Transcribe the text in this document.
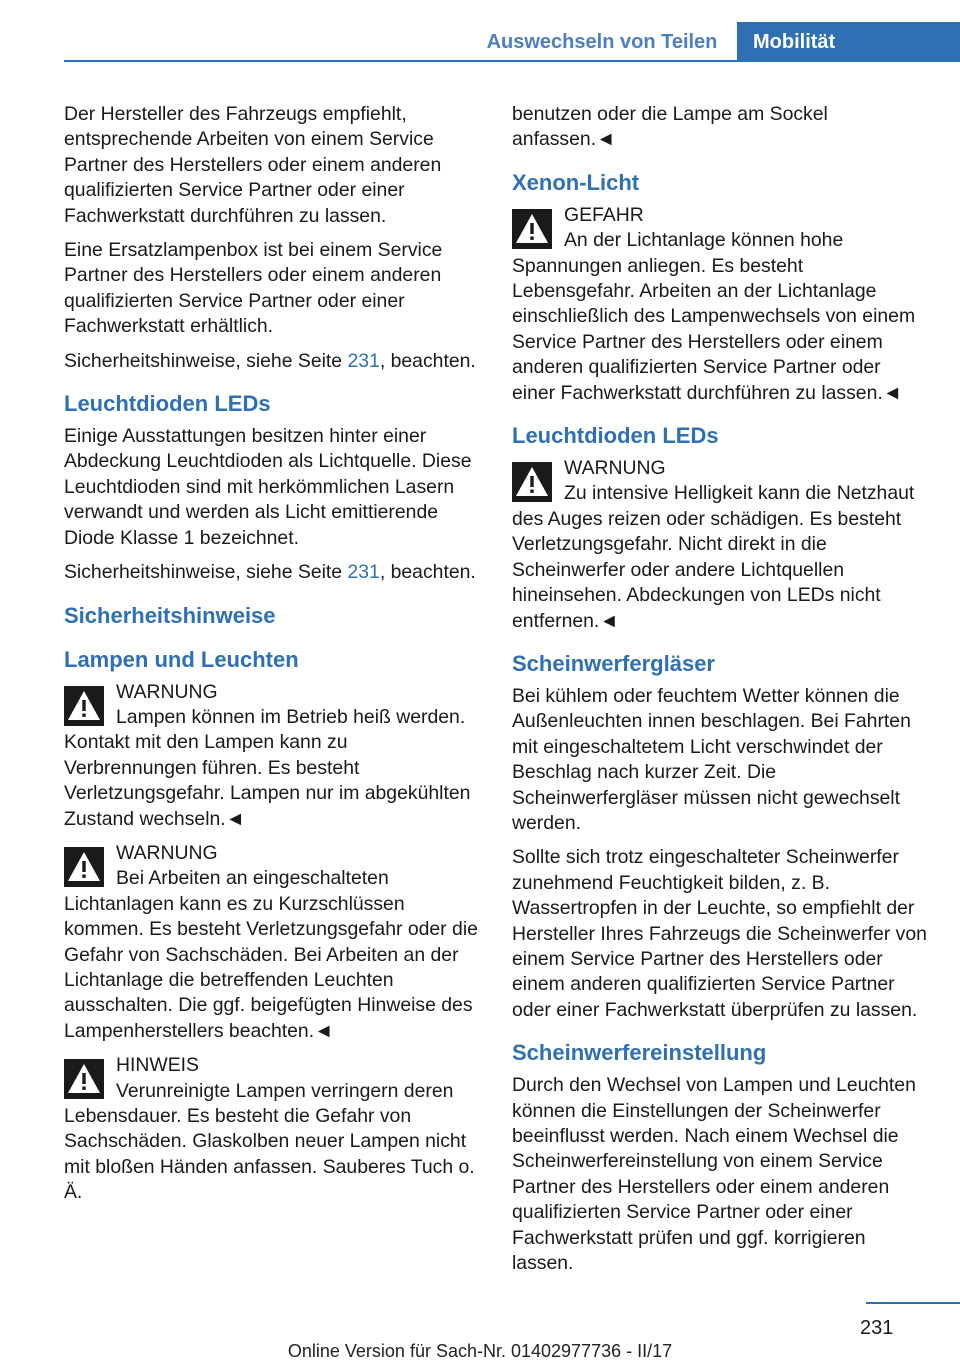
Auswechseln von Teilen	Mobilität

Der Hersteller des Fahrzeugs empfiehlt, entsprechende Arbeiten von einem Service Partner des Herstellers oder einem anderen qualifizierten Service Partner oder einer Fachwerkstatt durchführen zu lassen.

Eine Ersatzlampenbox ist bei einem Service Partner des Herstellers oder einem anderen qualifizierten Service Partner oder einer Fachwerkstatt erhältlich.

Sicherheitshinweise, siehe Seite 231, beachten.

Leuchtdioden LEDs

Einige Ausstattungen besitzen hinter einer Abdeckung Leuchtdioden als Lichtquelle. Diese Leuchtdioden sind mit herkömmlichen Lasern verwandt und werden als Licht emittierende Diode Klasse 1 bezeichnet.

Sicherheitshinweise, siehe Seite 231, beachten.

Sicherheitshinweise
Lampen und Leuchten
WARNUNG
Lampen können im Betrieb heiß werden. Kontakt mit den Lampen kann zu Verbrennungen führen. Es besteht Verletzungsgefahr. Lampen nur im abgekühlten Zustand wechseln.◄
WARNUNG
Bei Arbeiten an eingeschalteten Lichtanlagen kann es zu Kurzschlüssen kommen. Es besteht Verletzungsgefahr oder die Gefahr von Sachschäden. Bei Arbeiten an der Lichtanlage die betreffenden Leuchten ausschalten. Die ggf. beigefügten Hinweise des Lampenherstellers beachten.◄
HINWEIS
Verunreinigte Lampen verringern deren Lebensdauer. Es besteht die Gefahr von Sachschäden. Glaskolben neuer Lampen nicht mit bloßen Händen anfassen. Sauberes Tuch o. Ä.

benutzen oder die Lampe am Sockel anfassen.◄

Xenon-Licht
GEFAHR
An der Lichtanlage können hohe Spannungen anliegen. Es besteht Lebensgefahr. Arbeiten an der Lichtanlage einschließlich des Lampenwechsels von einem Service Partner des Herstellers oder einem anderen qualifizierten Service Partner oder einer Fachwerkstatt durchführen zu lassen.◄
Leuchtdioden LEDs
WARNUNG
Zu intensive Helligkeit kann die Netzhaut des Auges reizen oder schädigen. Es besteht Verletzungsgefahr. Nicht direkt in die Scheinwerfer oder andere Lichtquellen hineinsehen. Abdeckungen von LEDs nicht entfernen.◄
Scheinwerfergläser

Bei kühlem oder feuchtem Wetter können die Außenleuchten innen beschlagen. Bei Fahrten mit eingeschaltetem Licht verschwindet der Beschlag nach kurzer Zeit. Die Scheinwerfergläser müssen nicht gewechselt werden.

Sollte sich trotz eingeschalteter Scheinwerfer zunehmend Feuchtigkeit bilden, z. B. Wassertropfen in der Leuchte, so empfiehlt der Hersteller Ihres Fahrzeugs die Scheinwerfer von einem Service Partner des Herstellers oder einem anderen qualifizierten Service Partner oder einer Fachwerkstatt überprüfen zu lassen.

Scheinwerfereinstellung

Durch den Wechsel von Lampen und Leuchten können die Einstellungen der Scheinwerfer beeinflusst werden. Nach einem Wechsel die Scheinwerfereinstellung von einem Service Partner des Herstellers oder einem anderen qualifizierten Service Partner oder einer Fachwerkstatt prüfen und ggf. korrigieren lassen.

231
Online Version für Sach-Nr. 01402977736 - II/17
